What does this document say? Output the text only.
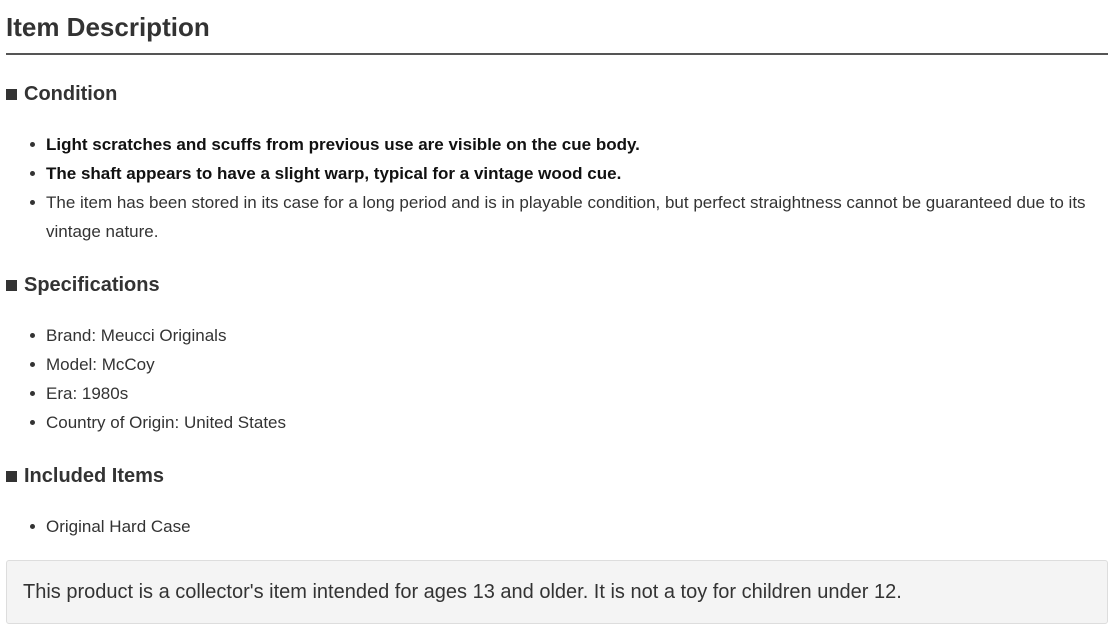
Item Description
Condition
Light scratches and scuffs from previous use are visible on the cue body.
The shaft appears to have a slight warp, typical for a vintage wood cue.
The item has been stored in its case for a long period and is in playable condition, but perfect straightness cannot be guaranteed due to its vintage nature.
Specifications
Brand: Meucci Originals
Model: McCoy
Era: 1980s
Country of Origin: United States
Included Items
Original Hard Case
This product is a collector's item intended for ages 13 and older. It is not a toy for children under 12.
